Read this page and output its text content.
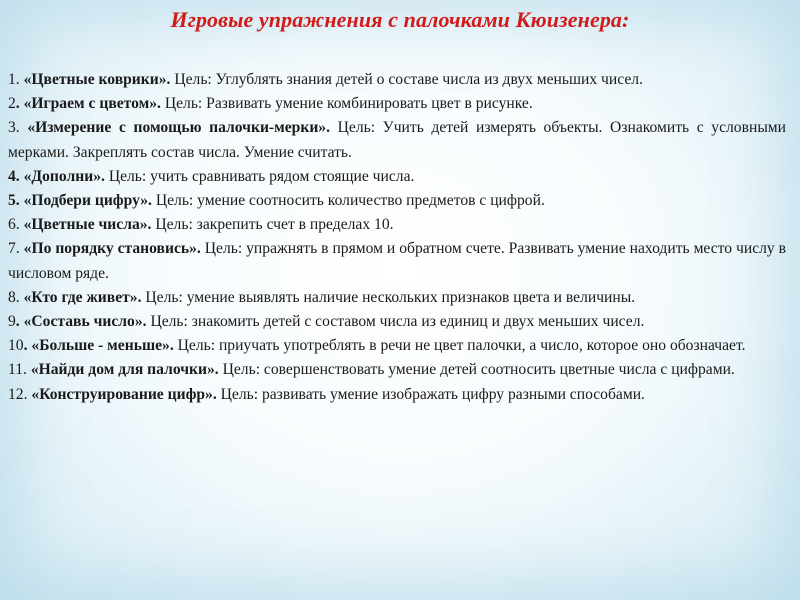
Игровые упражнения с палочками Кюизенера:

1. «Цветные коврики». Цель: Углублять знания детей о составе числа из двух меньших чисел.

2. «Играем с цветом». Цель: Развивать умение комбинировать цвет в рисунке.

3. «Измерение с помощью палочки-мерки». Цель: Учить детей измерять объекты. Ознакомить с условными мерками. Закреплять состав числа. Умение считать.

4. «Дополни». Цель: учить сравнивать рядом стоящие числа.

5. «Подбери цифру». Цель: умение соотносить количество предметов с цифрой.

6. «Цветные числа». Цель: закрепить счет в пределах 10.

7. «По порядку становись». Цель: упражнять в прямом и обратном счете. Развивать умение находить место числу в числовом ряде.

8. «Кто где живет». Цель: умение выявлять наличие нескольких признаков цвета и величины.

9. «Составь число». Цель: знакомить детей с составом числа из единиц и двух меньших чисел.

10. «Больше - меньше». Цель: приучать употреблять в речи не цвет палочки, а число, которое оно обозначает.

11. «Найди дом для палочки». Цель: совершенствовать умение детей соотносить цветные числа с цифрами.

12. «Конструирование цифр». Цель: развивать умение изображать цифру разными способами.
